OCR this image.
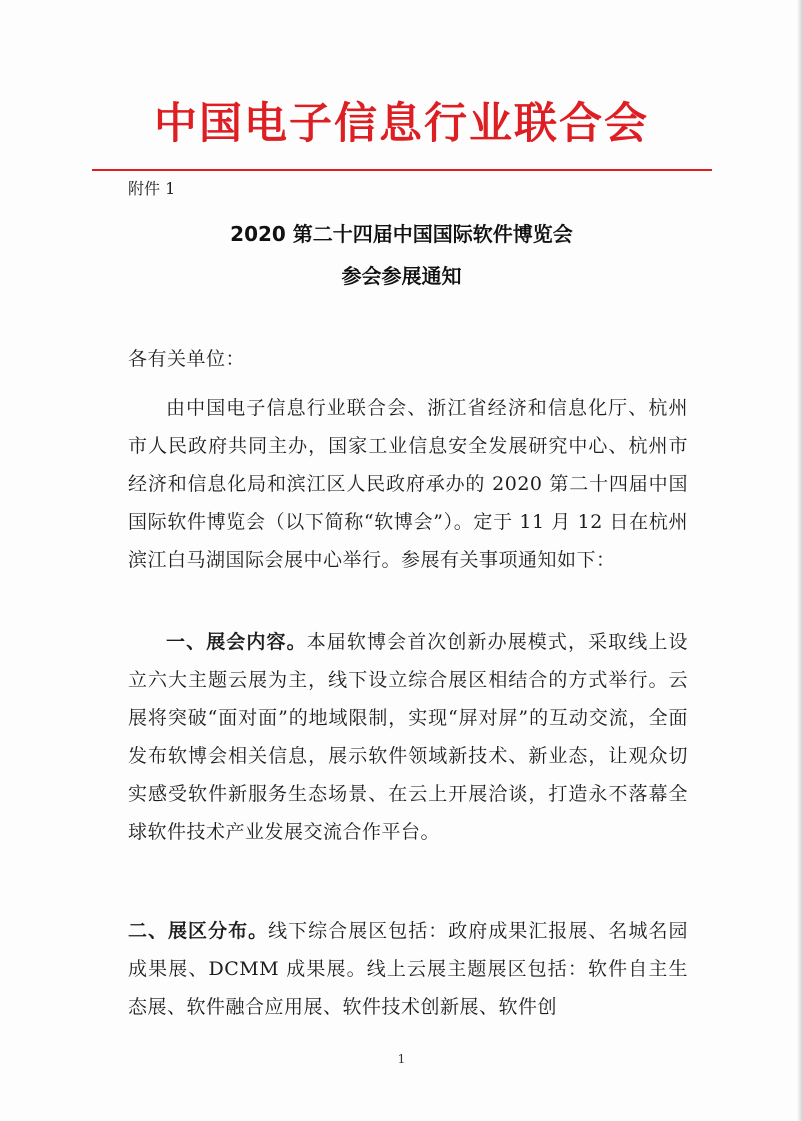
中国电子信息行业联合会
附件 1
2020 第二十四届中国国际软件博览会
参会参展通知
各有关单位：
由中国电子信息行业联合会、浙江省经济和信息化厅、杭州市人民政府共同主办，国家工业信息安全发展研究中心、杭州市经济和信息化局和滨江区人民政府承办的 2020 第二十四届中国国际软件博览会（以下简称“软博会”）。定于 11 月 12 日在杭州滨江白马湖国际会展中心举行。参展有关事项通知如下：
一、展会内容。本届软博会首次创新办展模式，采取线上设立六大主题云展为主，线下设立综合展区相结合的方式举行。云展将突破“面对面”的地域限制，实现“屏对屏”的互动交流，全面发布软博会相关信息，展示软件领域新技术、新业态，让观众切实感受软件新服务生态场景、在云上开展洽谈，打造永不落幕全球软件技术产业发展交流合作平台。
二、展区分布。线下综合展区包括：政府成果汇报展、名城名园成果展、DCMM 成果展。线上云展主题展区包括：软件自主生态展、软件融合应用展、软件技术创新展、软件创
1
